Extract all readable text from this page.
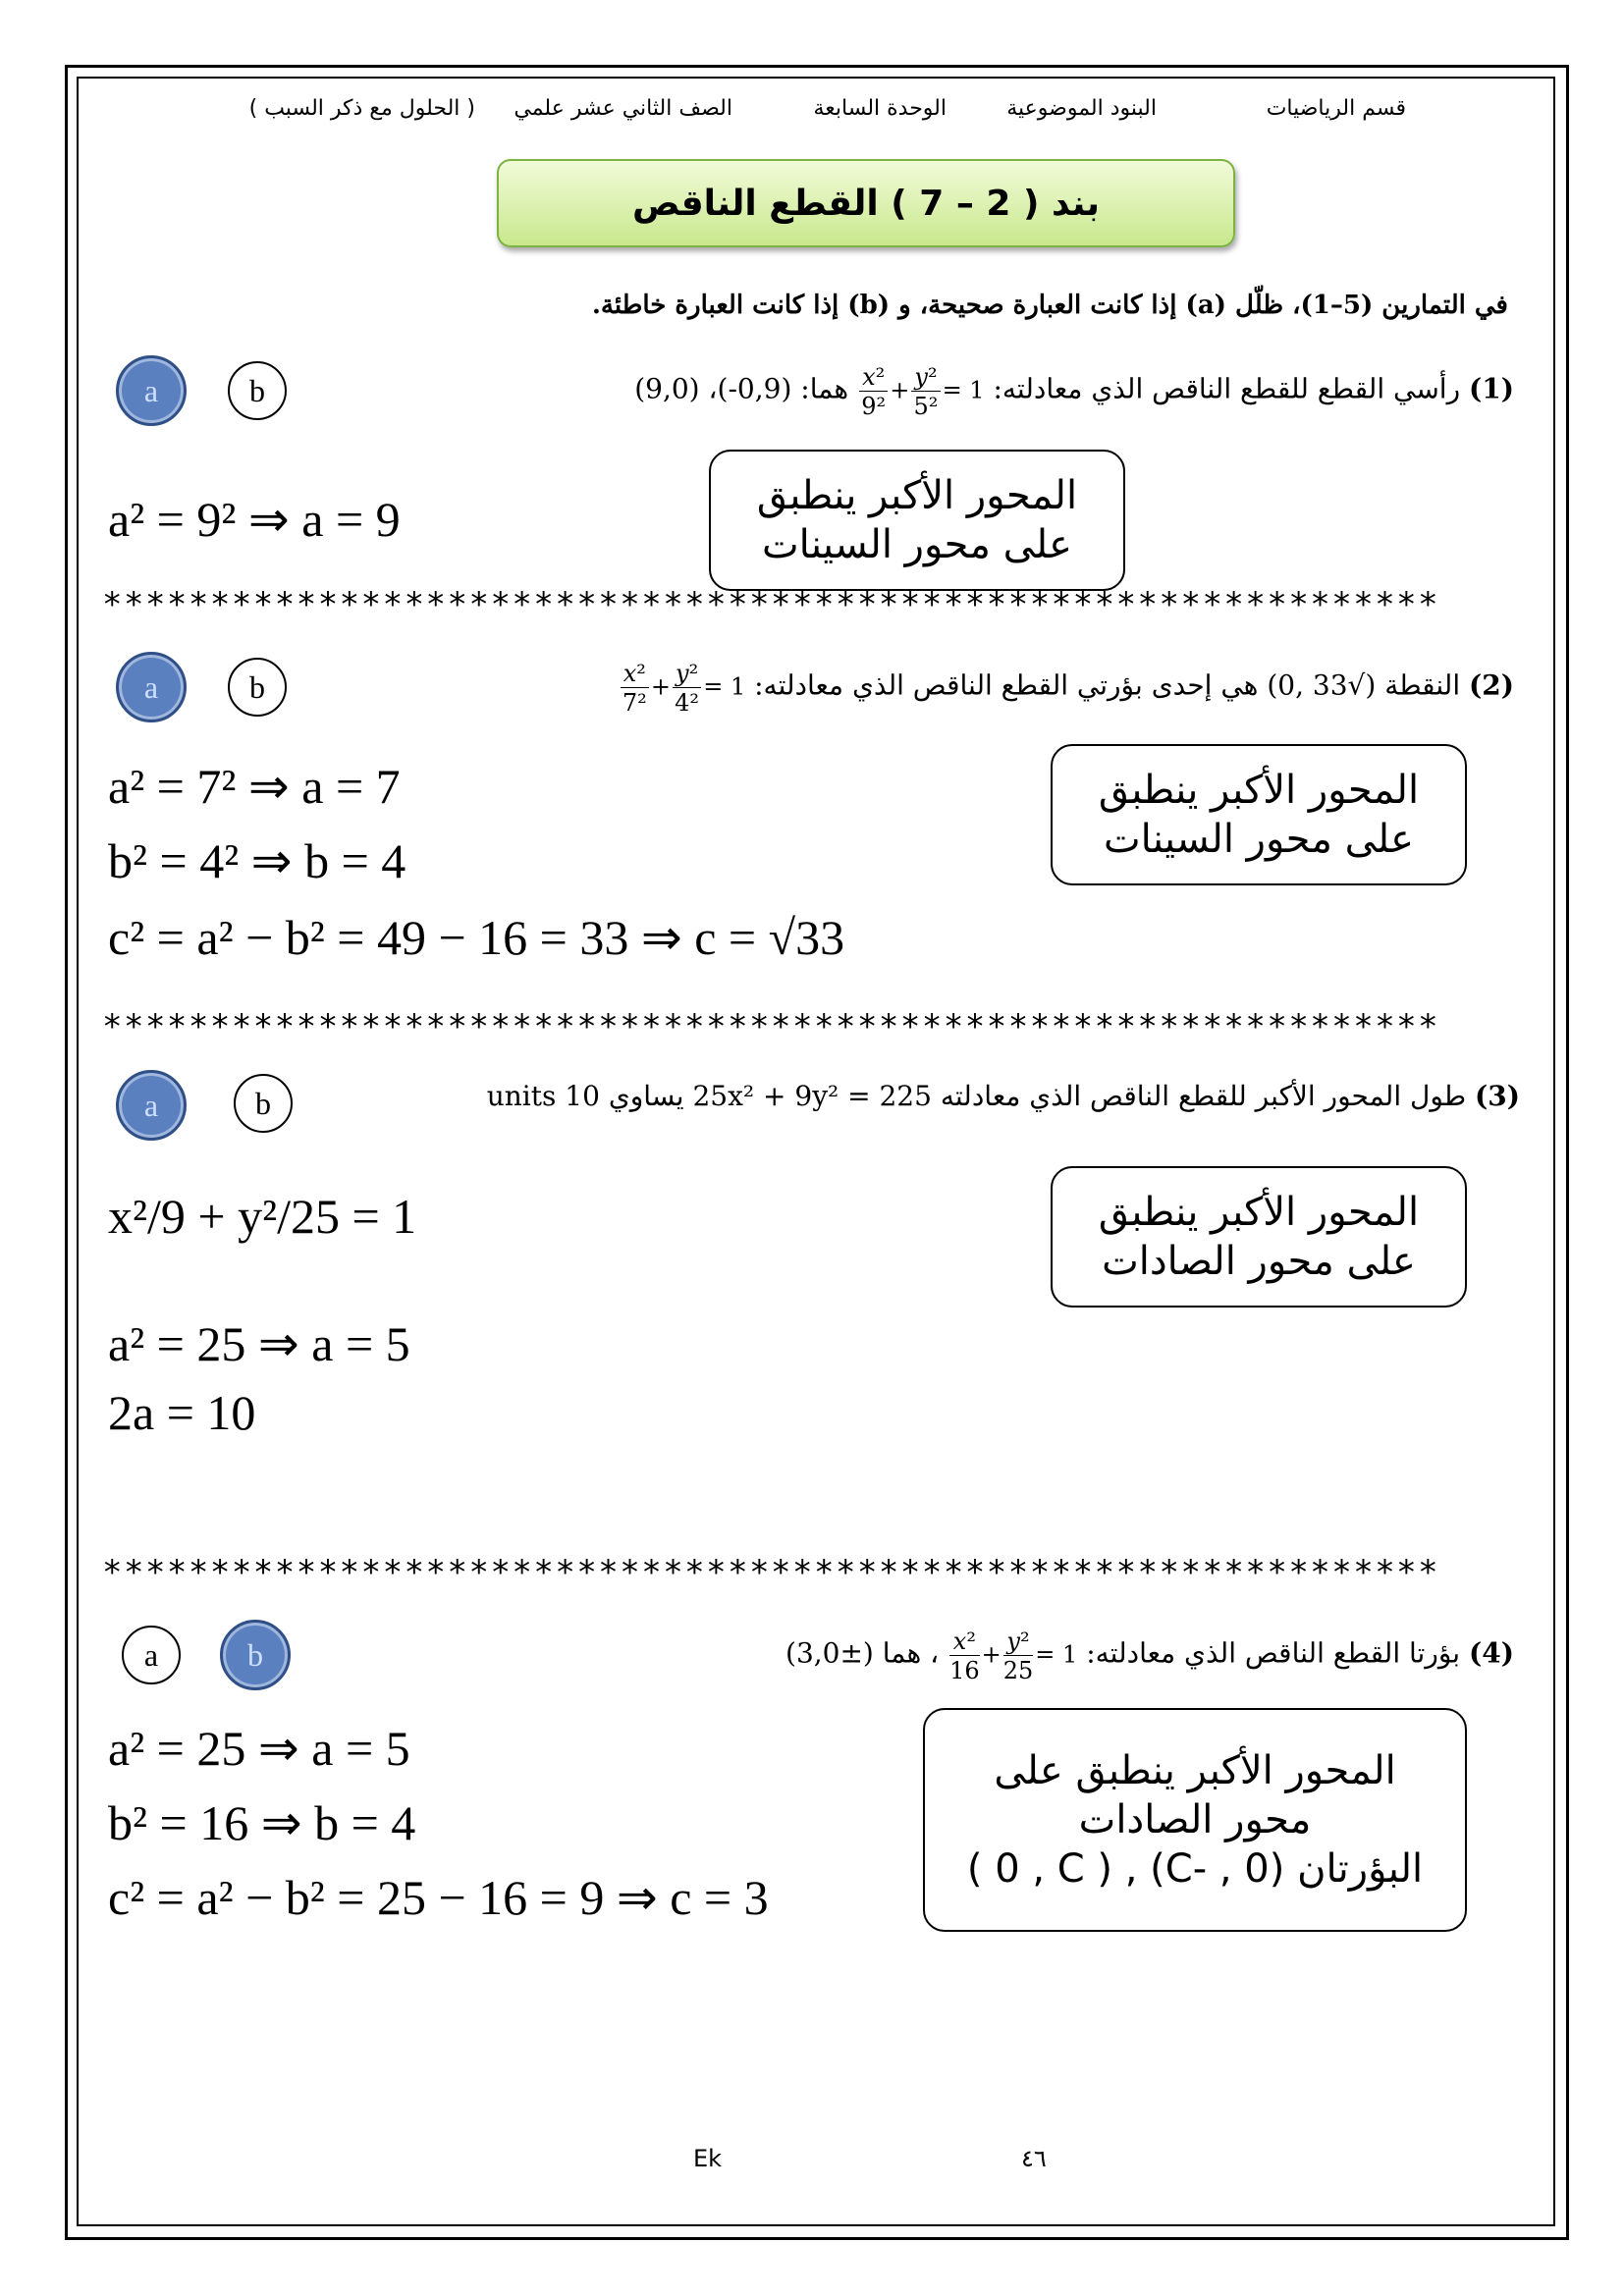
قسم الرياضيات
البنود الموضوعية
الوحدة السابعة
الصف الثاني عشر علمي
( الحلول مع ذكر السبب )
بند ( 2 – 7 ) القطع الناقص
في التمارين (5–1)، ظلّل (a) إذا كانت العبارة صحيحة، و (b) إذا كانت العبارة خاطئة.
a	b	(1) رأسي القطع للقطع الناقص الذي معادلته:
$\frac{\text{x²}}{\text{9²}} + \frac{\text{y²}}{\text{5²}} = 1$ هما: (0,9-)، (9,0)
المحور الأكبر ينطبق
على محور السينات
a² = 9² ⇒ a = 9
**************************************************************
a	b	(2) النقطة (√33 ,0) هي إحدى بؤرتي القطع الناقص الذي معادلته:
$\frac{\text{x²}}{\text{7²}} + \frac{\text{y²}}{\text{4²}} = 1$
المحور الأكبر ينطبق
على محور السينات
a² = 7² ⇒ a = 7
b² = 4² ⇒ b = 4
c² = a² − b² = 49 − 16 = 33 ⇒ c = √33
**************************************************************
a	b	(3) طول المحور الأكبر للقطع الناقص الذي معادلته 25x² + 9y² = 225 يساوي 10 units
المحور الأكبر ينطبق
على محور الصادات
x²/9 + y²/25 = 1
a² = 25 ⇒ a = 5
2a = 10
**************************************************************
a	b	(4) بؤرتا القطع الناقص الذي معادلته:
$\frac{\text{x²}}{16} + \frac{\text{y²}}{25} = 1$ ، هما (±3,0)
المحور الأكبر ينطبق على
محور الصادات
البؤرتان (C- , 0) , ( 0 , C )
a² = 25 ⇒ a = 5
b² = 16 ⇒ b = 4
c² = a² − b² = 25 − 16 = 9 ⇒ c = 3
Ek	٤٦
